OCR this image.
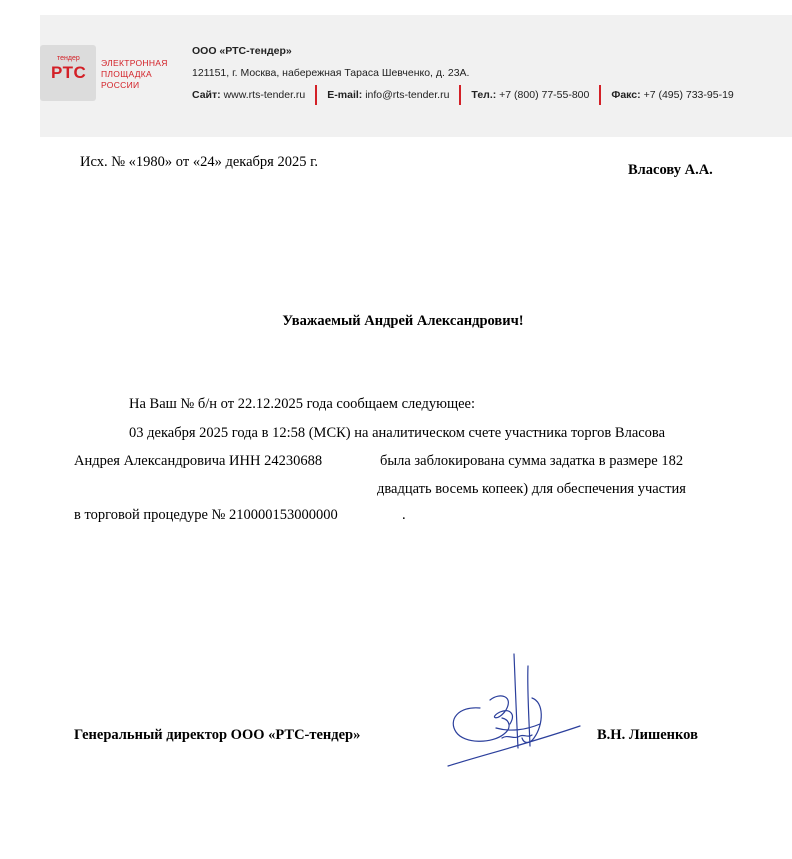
тендер
РТС ЭЛЕКТРОННАЯ
ПЛОЩАДКА
РОССИИ
ООО «РТС-тендер»
121151, г. Москва, набережная Тараса Шевченко, д. 23А.
Сайт:
www.rts-tender.ru E-mail:
info@rts-tender.ru Тел.:
+7 (800) 77-55-800 Факс:
+7 (495) 733-95-19
Исх. № «1980» от «24» декабря 2025 г.	Власову А.А.
Уважаемый Андрей Александрович!
На Ваш № б/н от 22.12.2025 года сообщаем следующее:
03 декабря 2025 года в 12:58 (МСК) на аналитическом счете участника торгов Власова
Андрея Александровича ИНН 24230688	была заблокирована сумма задатка в размере 182
двадцать восемь копеек) для обеспечения участия
в торговой процедуре № 210000153000000	.
Генеральный директор ООО «РТС-тендер»	В.Н. Лишенков
